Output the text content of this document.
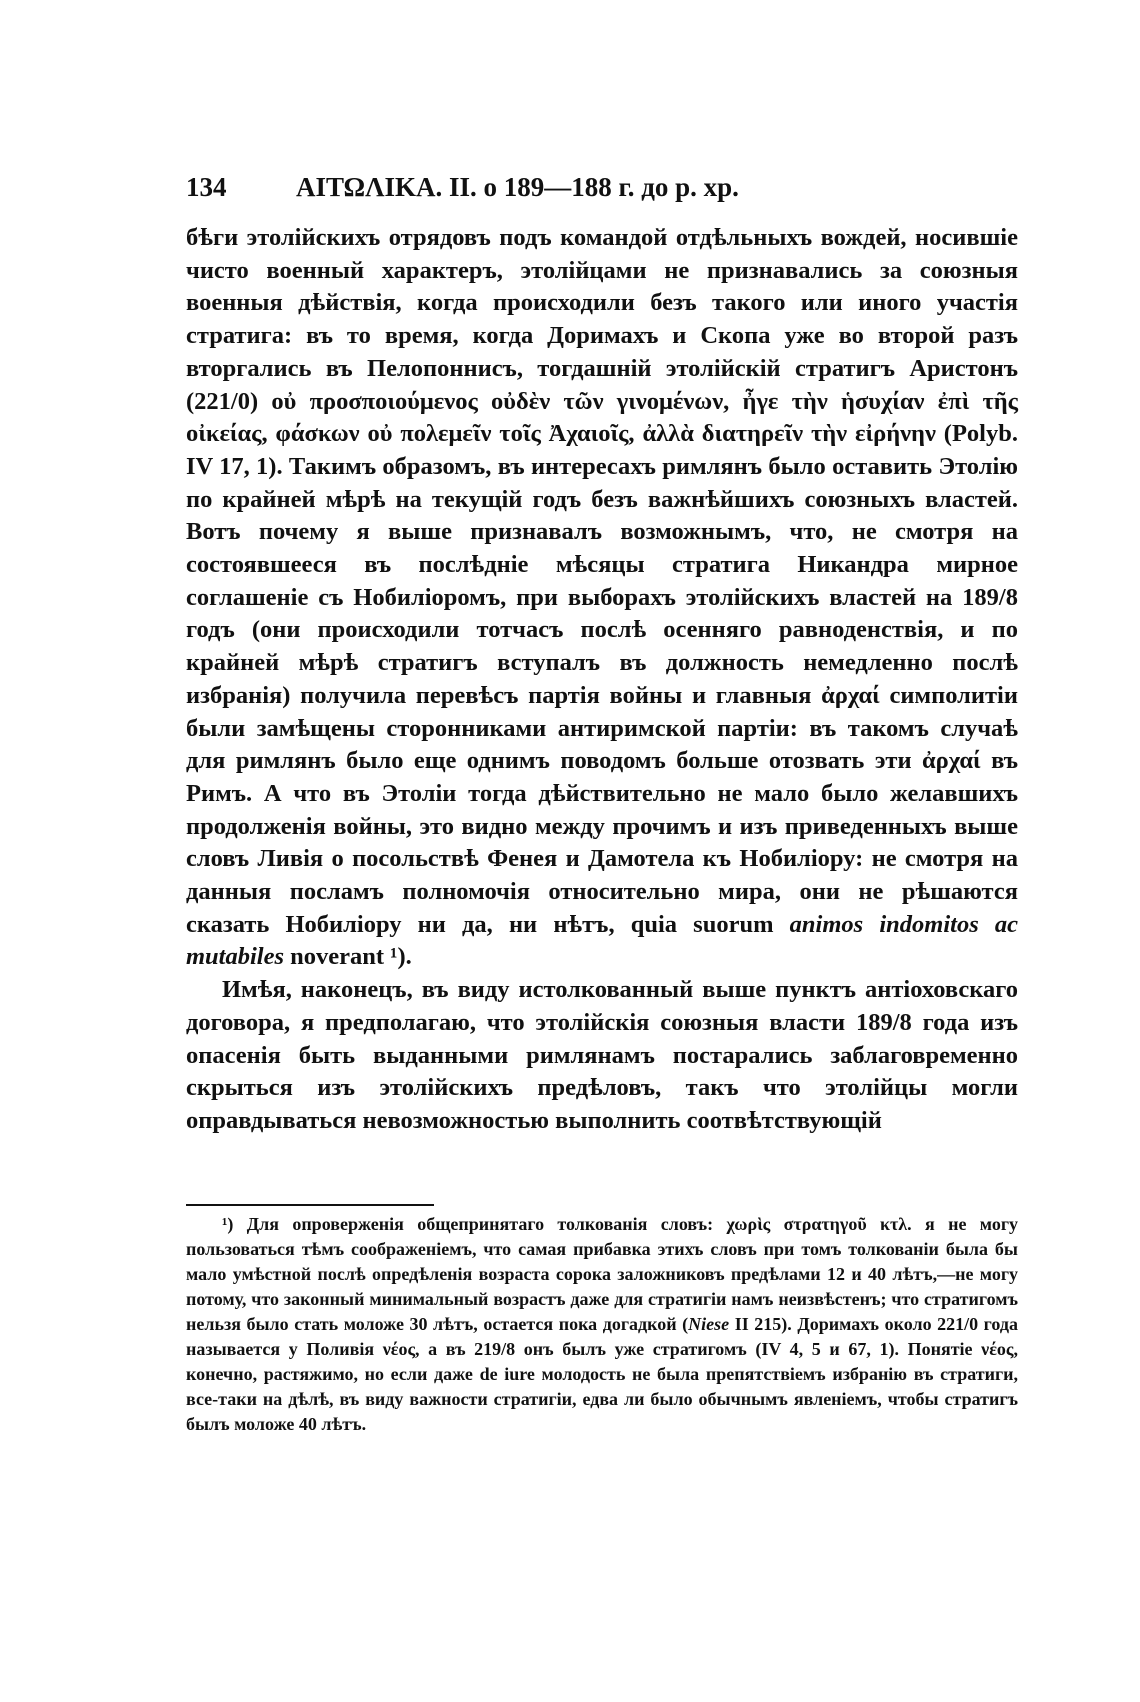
134	ΑΙΤΩΛΙΚΑ. II. о 189—188 г. до р. хр.

бѣги этолійскихъ отрядовъ подъ командой отдѣльныхъ вождей, носившіе чисто военный характеръ, этолійцами не признавались за союзныя военныя дѣйствія, когда происходили безъ такого или иного участія стратига: въ то время, когда Доримахъ и Скопа уже во второй разъ вторгались въ Пелопоннисъ, тогдашній этолійскій стратигъ Аристонъ (221/0) οὐ προσποιούμενος οὐδὲν τῶν γινομένων, ἦγε τὴν ἡσυχίαν ἐπὶ τῆς οἰκείας, φάσκων οὐ πολεμεῖν τοῖς Ἀχαιοῖς, ἀλλὰ διατηρεῖν τὴν εἰρήνην (Polyb. IV 17, 1). Такимъ образомъ, въ интересахъ римлянъ было оставить Этолію по крайней мѣрѣ на текущій годъ безъ важнѣйшихъ союзныхъ властей. Вотъ почему я выше признавалъ возможнымъ, что, не смотря на состоявшееся въ послѣдніе мѣсяцы стратига Никандра мирное соглашеніе съ Нобиліоромъ, при выборахъ этолійскихъ властей на 189/8 годъ (они происходили тотчасъ послѣ осенняго равноденствія, и по крайней мѣрѣ стратигъ вступалъ въ должность немедленно послѣ избранія) получила перевѣсъ партія войны и главныя ἀρχαί симполитіи были замѣщены сторонниками антиримской партіи: въ такомъ случаѣ для римлянъ было еще однимъ поводомъ больше отозвать эти ἀρχαί въ Римъ. А что въ Этоліи тогда дѣйствительно не мало было желавшихъ продолженія войны, это видно между прочимъ и изъ приведенныхъ выше словъ Ливія о посольствѣ Фенея и Дамотела къ Нобиліору: не смотря на данныя посламъ полномочія относительно мира, они не рѣшаются сказать Нобиліору ни да, ни нѣтъ, quia suorum animos indomitos ac mutabiles noverant ¹).

Имѣя, наконецъ, въ виду истолкованный выше пунктъ антіоховскаго договора, я предполагаю, что этолійскія союзныя власти 189/8 года изъ опасенія быть выданными римлянамъ постарались заблаговременно скрыться изъ этолійскихъ предѣловъ, такъ что этолійцы могли оправдываться невозможностью выполнить соотвѣтствующій

¹) Для опроверженія общепринятаго толкованія словъ: χωρὶς στρατηγοῦ κτλ. я не могу пользоваться тѣмъ соображеніемъ, что самая прибавка этихъ словъ при томъ толкованіи была бы мало умѣстной послѣ опредѣленія возраста сорока заложниковъ предѣлами 12 и 40 лѣтъ,—не могу потому, что законный минимальный возрастъ даже для стратигіи намъ неизвѣстенъ; что стратигомъ нельзя было стать моложе 30 лѣтъ, остается пока догадкой (Niese II 215). Доримахъ около 221/0 года называется у Поливія νέος, а въ 219/8 онъ былъ уже стратигомъ (IV 4, 5 и 67, 1). Понятіе νέος, конечно, растяжимо, но если даже de iure молодость не была препятствіемъ избранію въ стратиги, все-таки на дѣлѣ, въ виду важности стратигіи, едва ли было обычнымъ явленіемъ, чтобы стратигъ былъ моложе 40 лѣтъ.
